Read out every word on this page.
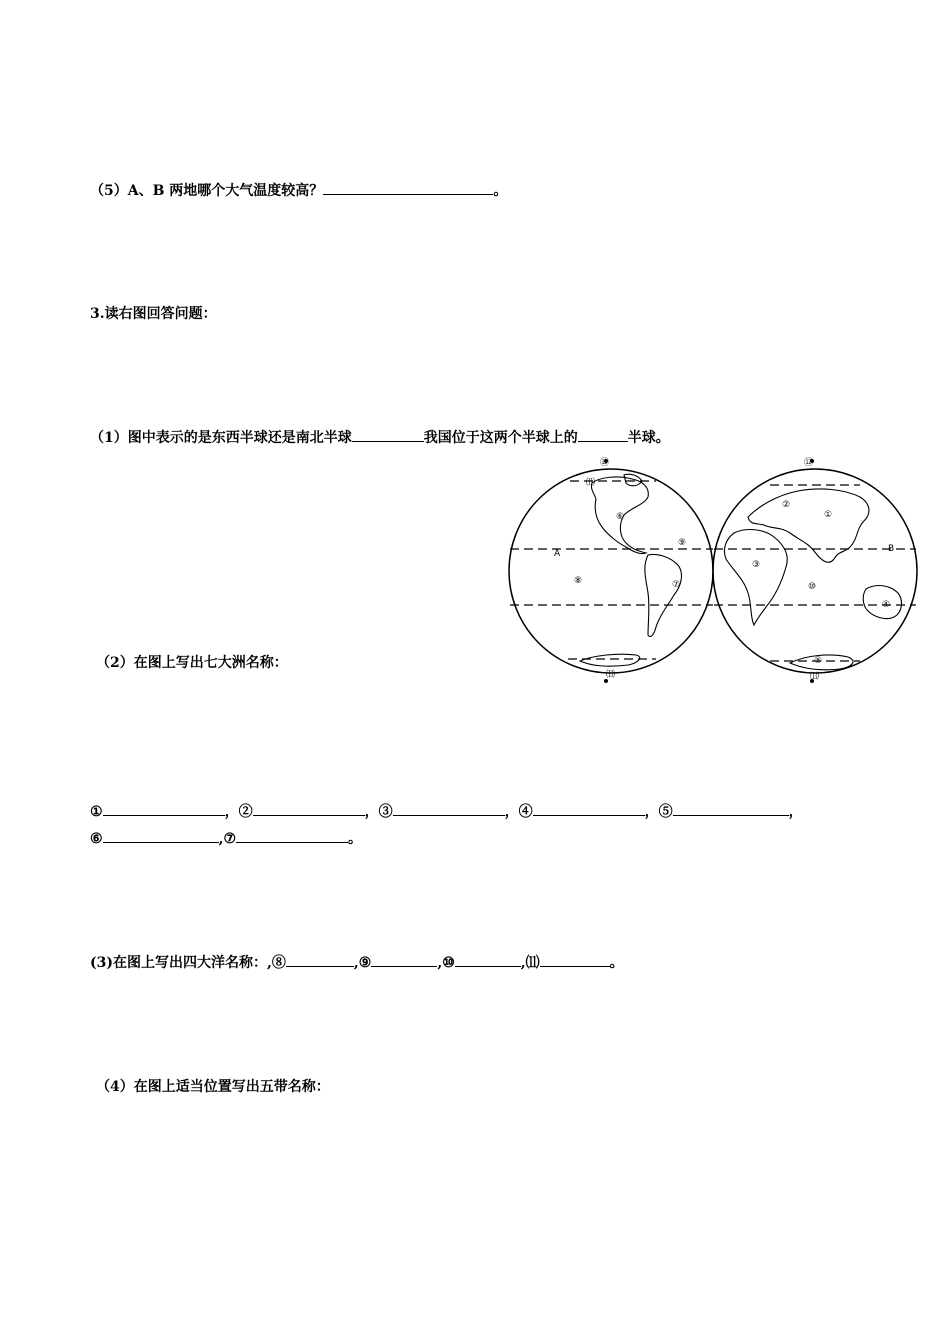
（5）A、B 两地哪个大气温度较高？	。
3.读右图回答问题：
（1）图中表示的是东西半球还是南北半球	我国位于这两个半球上的	半球。
⑫
⑾
⑥
⑨
⑧	⑦
⒀
⑫
②
①
③
⑩
④
⑤
⒀
A	B
（2）在图上写出七大洲名称：
①	，②	，③	，④	，⑤	，
⑥	,⑦	。
(3)在图上写出四大洋名称：,⑧	,⑨	,⑩	,⑾	。
（4）在图上适当位置写出五带名称：
